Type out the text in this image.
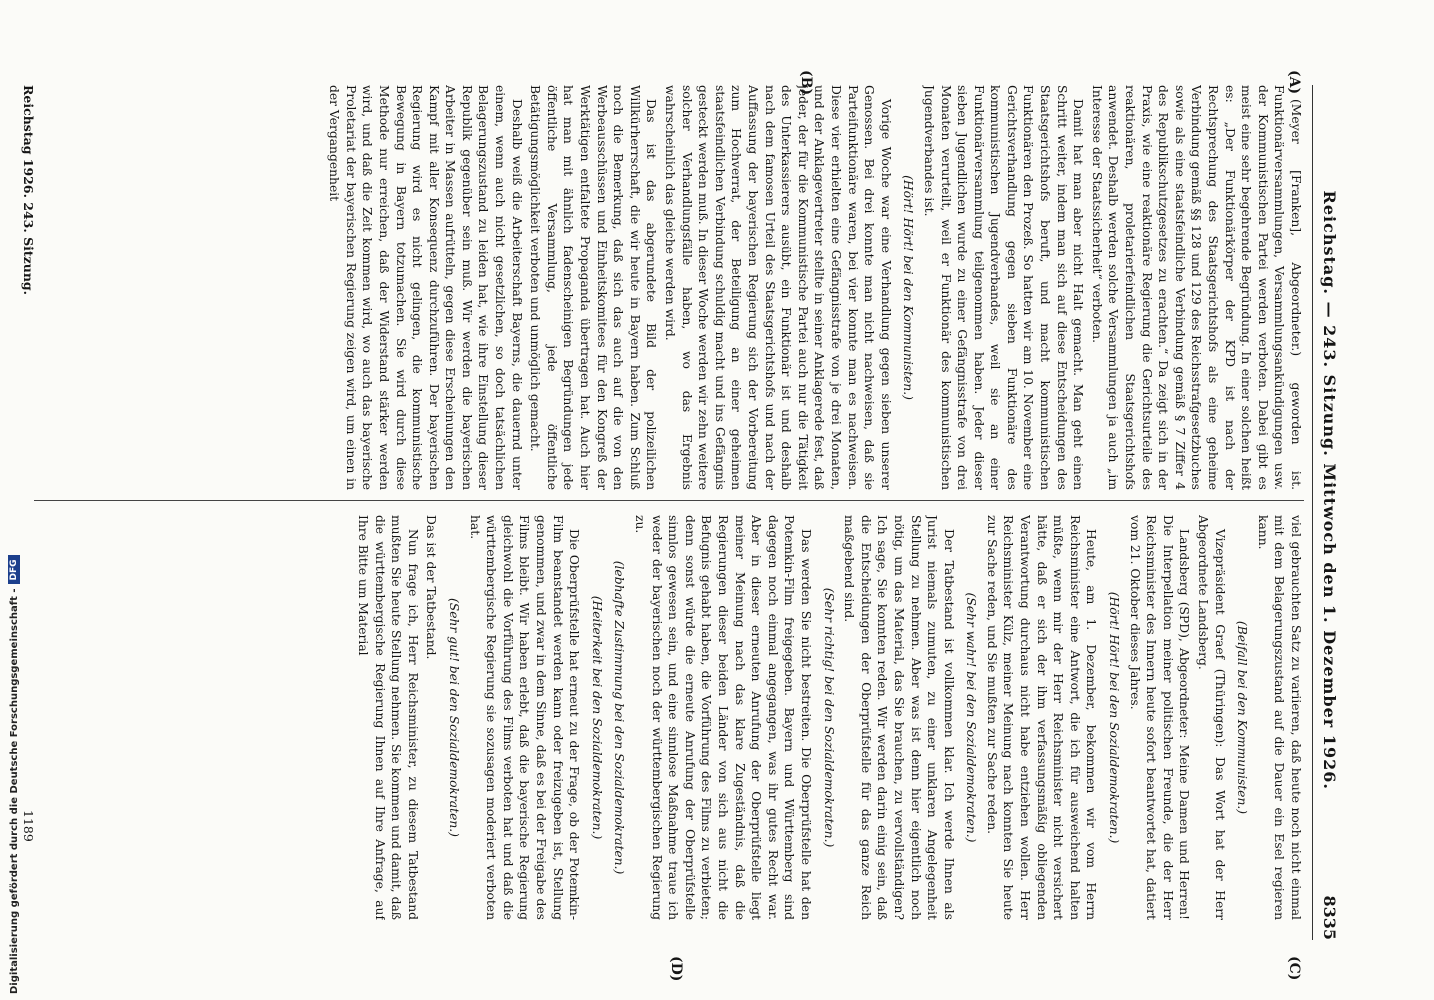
Reichstag. — 243. Sitzung. Mittwoch den 1. Dezember 1926.
8335
(A)
(B)
(C)
(D)

(Meyer [Franken], Abgeordneter.) geworden ist. Funktionärversammlungen, Versammlungsankündigungen usw. der Kommunistischen Partei werden verboten. Dabei gibt es meist eine sehr begehrende Begründung. In einer solchen heißt es: „Der Funktionärkörper der KPD ist nach der Rechtsprechung des Staatsgerichtshofs als eine geheime Verbindung gemäß §§ 128 und 129 des Reichsstrafgesetzbuches sowie als eine staatsfeindliche Verbindung gemäß § 7 Ziffer 4 des Republikschutzgesetzes zu erachten.“ Da zeigt sich in der Praxis, wie eine reaktionäre Regierung die Gerichtsurteile des reaktionären, proletarierfeindlichen Staatsgerichtshofs anwendet. Deshalb werden solche Versammlungen ja auch „im Interesse der Staatssicherheit“ verboten.

Damit hat man aber nicht Halt gemacht. Man geht einen Schritt weiter, indem man sich auf diese Entscheidungen des Staatsgerichtshofs beruft, und macht kommunistischen Funktionären den Prozeß. So hatten wir am 10. November eine Gerichtsverhandlung gegen sieben Funktionäre des kommunistischen Jugendverbandes, weil sie an einer Funktionärversammlung teilgenommen haben. Jeder dieser sieben Jugendlichen wurde zu einer Gefängnisstrafe von drei Monaten verurteilt, weil er Funktionär des kommunistischen Jugendverbandes ist.

(Hört! Hört! bei den Kommunisten.)

Vorige Woche war eine Verhandlung gegen sieben unserer Genossen. Bei drei konnte man nicht nachweisen, daß sie Parteifunktionäre waren, bei vier konnte man es nachweisen. Diese vier erhielten eine Gefängnisstrafe von je drei Monaten, und der Anklagevertreter stellte in seiner Anklagerede fest, daß jeder, der für die Kommunistische Partei auch nur die Tätigkeit des Unterkassierers ausübt, ein Funktionär ist und deshalb nach dem famosen Urteil des Staatsgerichtshofs und nach der Auffassung der bayerischen Regierung sich der Vorbereitung zum Hochverrat, der Beteiligung an einer geheimen staatsfeindlichen Verbindung schuldig macht und ins Gefängnis gesteckt werden muß. In dieser Woche werden wir zehn weitere solcher Verhandlungsfälle haben, wo das Ergebnis wahrscheinlich das gleiche werden wird.

Das ist das abgerundete Bild der polizeilichen Willkürherrschaft, die wir heute in Bayern haben. Zum Schluß noch die Bemerkung, daß sich das auch auf die von den Werbeausschüssen und Einheitskomitees für den Kongreß der Werktätigen entfaltete Propaganda übertragen hat. Auch hier hat man mit ähnlich fadenscheinigen Begründungen jede öffentliche Versammlung, jede öffentliche Betätigungsmöglichkeit verboten und unmöglich gemacht.

Deshalb weiß die Arbeiterschaft Bayerns, die dauernd unter einem, wenn auch nicht gesetzlichen, so doch tatsächlichen Belagerungszustand zu leiden hat, wie ihre Einstellung dieser Republik gegenüber sein muß. Wir werden die bayerischen Arbeiter in Massen aufrütteln, gegen diese Erscheinungen den Kampf mit aller Konsequenz durchzuführen. Der bayerischen Regierung wird es nicht gelingen, die kommunistische Bewegung in Bayern totzumachen. Sie wird durch diese Methode nur erreichen, daß der Widerstand stärker werden wird, und daß die Zeit kommen wird, wo auch das bayerische Proletariat der bayerischen Regierung zeigen wird, um einen in der Vergangenheit

viel gebrauchten Satz zu variieren, daß heute noch nicht einmal mit dem Belagerungszustand auf die Dauer ein Esel regieren kann.

(Beifall bei den Kommunisten.)

Vizepräsident Graef (Thüringen): Das Wort hat der Herr Abgeordnete Landsberg.

Landsberg (SPD), Abgeordneter: Meine Damen und Herren! Die Interpellation meiner politischen Freunde, die der Herr Reichsminister des Innern heute sofort beantwortet hat, datiert vom 21. Oktober dieses Jahres.

(Hört! Hört! bei den Sozialdemokraten.)

Heute, am 1. Dezember, bekommen wir vom Herrn Reichsminister eine Antwort, die ich für ausweichend halten müßte, wenn mir der Herr Reichsminister nicht versichert hätte, daß er sich der ihm verfassungsmäßig obliegenden Verantwortung durchaus nicht habe entziehen wollen. Herr Reichsminister Külz, meiner Meinung nach konnten Sie heute zur Sache reden, und Sie mußten zur Sache reden.

(Sehr wahr! bei den Sozialdemokraten.)

Der Tatbestand ist vollkommen klar. Ich werde Ihnen als Jurist niemals zumuten, zu einer unklaren Angelegenheit Stellung zu nehmen. Aber was ist denn hier eigentlich noch nötig, um das Material, das Sie brauchen, zu vervollständigen? Ich sage, Sie konnten reden. Wir werden darin einig sein, daß die Entscheidungen der Oberprüfstelle für das ganze Reich maßgebend sind.

(Sehr richtig! bei den Sozialdemokraten.)

Das werden Sie nicht bestreiten. Die Oberprüfstelle hat den Potemkin-Film freigegeben. Bayern und Württemberg sind dagegen noch einmal angegangen, was ihr gutes Recht war. Aber in dieser erneuten Anrufung der Oberprüfstelle liegt meiner Meinung nach das klare Zugeständnis, daß die Regierungen dieser beiden Länder von sich aus nicht die Befugnis gehabt haben, die Vorführung des Films zu verbieten; denn sonst würde die erneute Anrufung der Oberprüfstelle sinnlos gewesen sein, und eine sinnlose Maßnahme traue ich weder der bayerischen noch der württembergischen Regierung zu.

(lebhafte Zustimmung bei den Sozialdemokraten.)

(Heiterkeit bei den Sozialdemokraten.)

Die Oberprüfstelle hat erneut zu der Frage, ob der Potemkin-Film beanstandet werden kann oder freizugeben ist, Stellung genommen, und zwar in dem Sinne, daß es bei der Freigabe des Films bleibt. Wir haben erlebt, daß die bayerische Regierung gleichwohl die Vorführung des Films verboten hat und daß die württembergische Regierung sie sozusagen moderiert verboten hat.

(Sehr gut! bei den Sozialdemokraten.)

Das ist der Tatbestand.

Nun frage ich, Herr Reichsminister, zu diesem Tatbestand mußten Sie heute Stellung nehmen. Sie kommen und damit, daß die württembergische Regierung Ihnen auf Ihre Anfrage, auf Ihre Bitte um Material

Reichstag 1926. 243. Sitzung.
1189
Digitalisierung gefördert durch die Deutsche Forschungsgemeinschaft -
DFG
